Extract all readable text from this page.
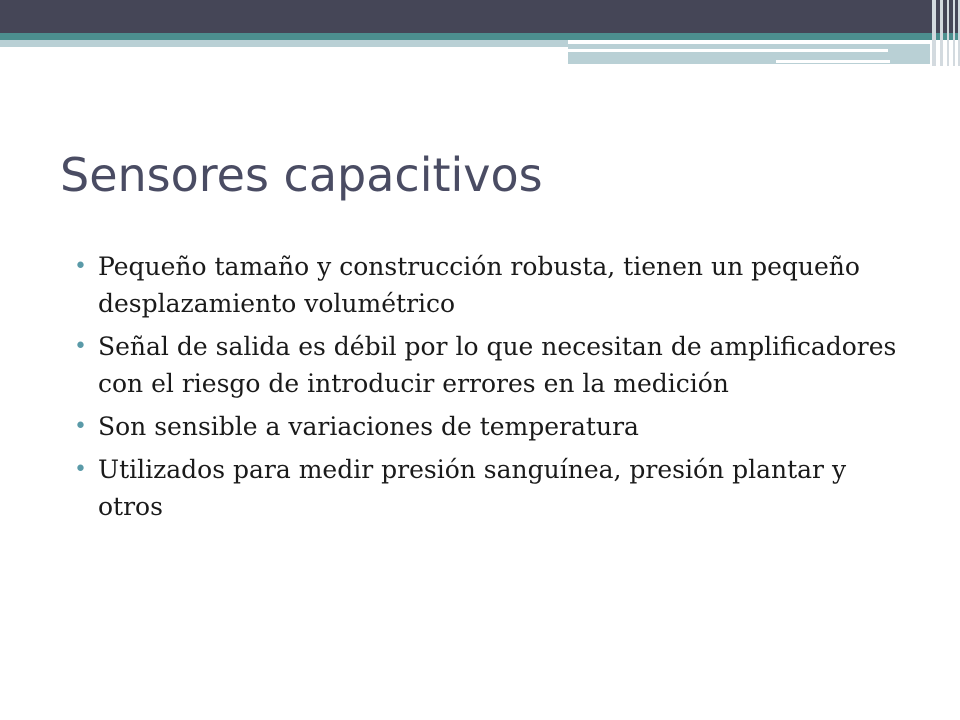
Sensores capacitivos
• Pequeño tamaño y construcción robusta, tienen un pequeño desplazamiento volumétrico
• Señal de salida es débil por lo que necesitan de amplificadores con el riesgo de introducir errores en la medición
• Son sensible a variaciones de temperatura
• Utilizados para medir presión sanguínea, presión plantar y otros
